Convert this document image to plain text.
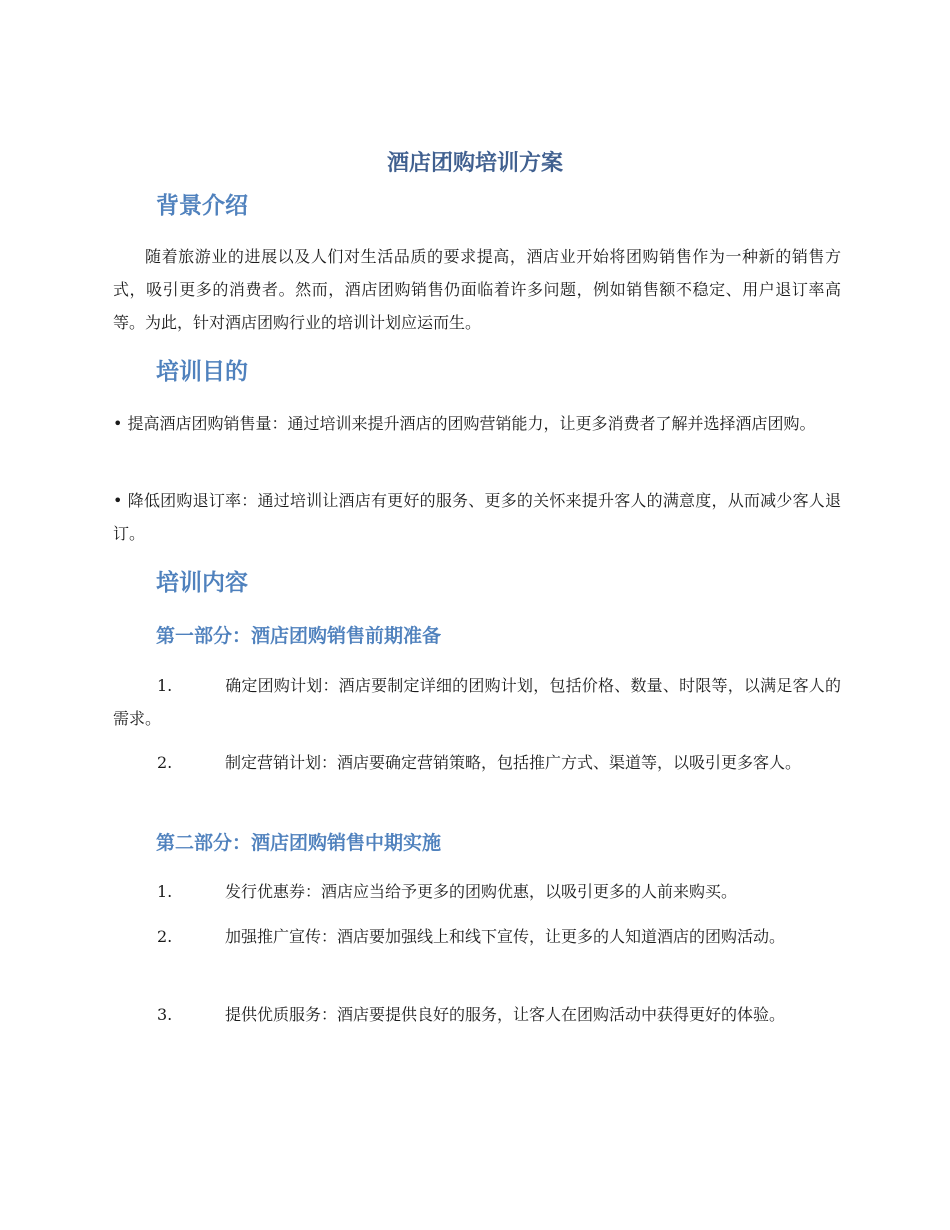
酒店团购培训方案
背景介绍

随着旅游业的进展以及人们对生活品质的要求提高，酒店业开始将团购销售作为一种新的销售方式，吸引更多的消费者。然而，酒店团购销售仍面临着许多问题，例如销售额不稳定、用户退订率高等。为此，针对酒店团购行业的培训计划应运而生。

培训目的

• 提高酒店团购销售量：通过培训来提升酒店的团购营销能力，让更多消费者了解并选择酒店团购。

• 降低团购退订率：通过培训让酒店有更好的服务、更多的关怀来提升客人的满意度，从而减少客人退订。

培训内容
第一部分：酒店团购销售前期准备

1.	确定团购计划：酒店要制定详细的团购计划，包括价格、数量、时限等，以满足客人的需求。

2.	制定营销计划：酒店要确定营销策略，包括推广方式、渠道等，以吸引更多客人。

第二部分：酒店团购销售中期实施

1.	发行优惠券：酒店应当给予更多的团购优惠，以吸引更多的人前来购买。

2.	加强推广宣传：酒店要加强线上和线下宣传，让更多的人知道酒店的团购活动。

3.	提供优质服务：酒店要提供良好的服务，让客人在团购活动中获得更好的体验。
